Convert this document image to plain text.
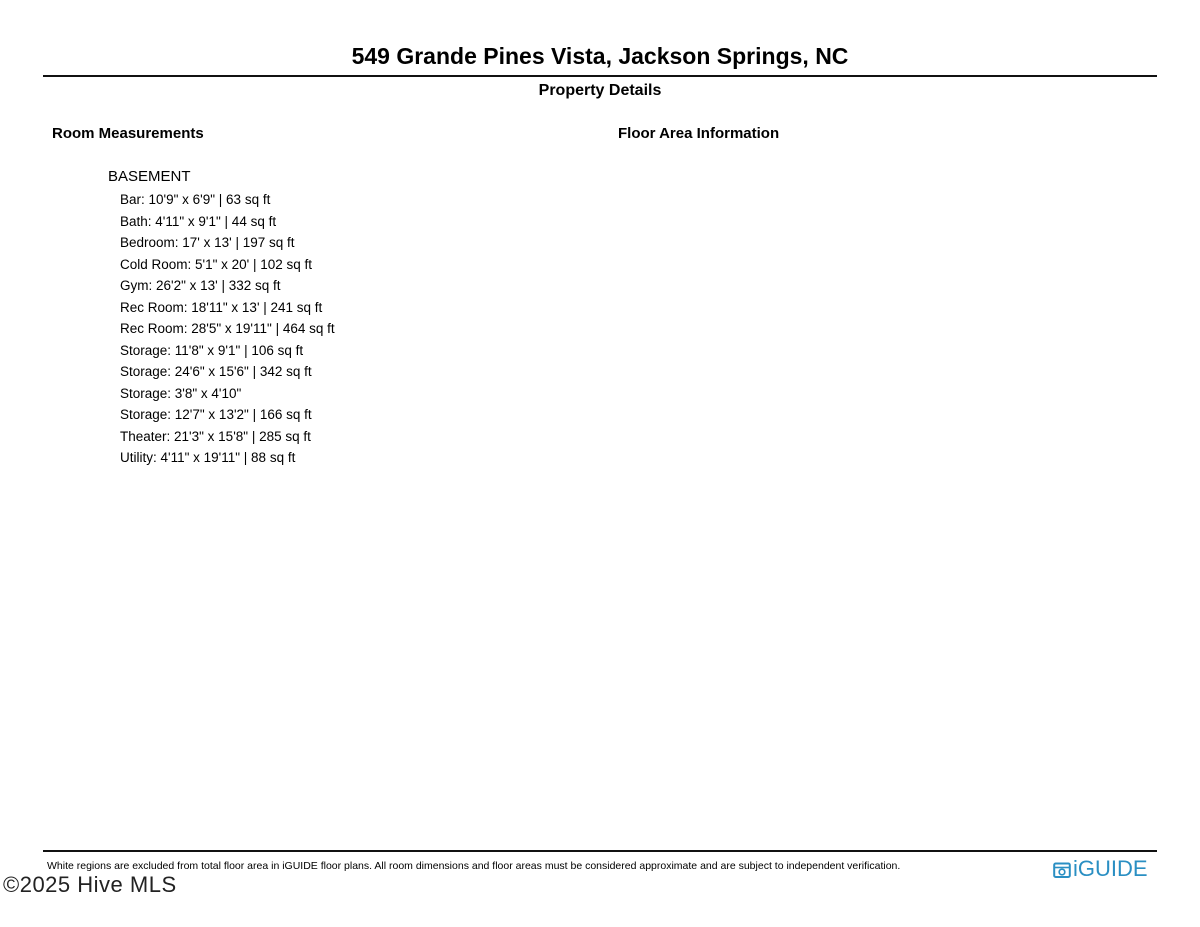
549 Grande Pines Vista, Jackson Springs, NC
Property Details
Room Measurements	Floor Area Information
BASEMENT
Bar: 10'9" x 6'9" | 63 sq ft
Bath: 4'11" x 9'1" | 44 sq ft
Bedroom: 17' x 13' | 197 sq ft
Cold Room: 5'1" x 20' | 102 sq ft
Gym: 26'2" x 13' | 332 sq ft
Rec Room: 18'11" x 13' | 241 sq ft
Rec Room: 28'5" x 19'11" | 464 sq ft
Storage: 11'8" x 9'1" | 106 sq ft
Storage: 24'6" x 15'6" | 342 sq ft
Storage: 3'8" x 4'10"
Storage: 12'7" x 13'2" | 166 sq ft
Theater: 21'3" x 15'8" | 285 sq ft
Utility: 4'11" x 19'11" | 88 sq ft
White regions are excluded from total floor area in iGUIDE floor plans. All room dimensions and floor areas must be considered approximate and are subject to independent verification.
©2025 Hive MLS
iGUIDE
